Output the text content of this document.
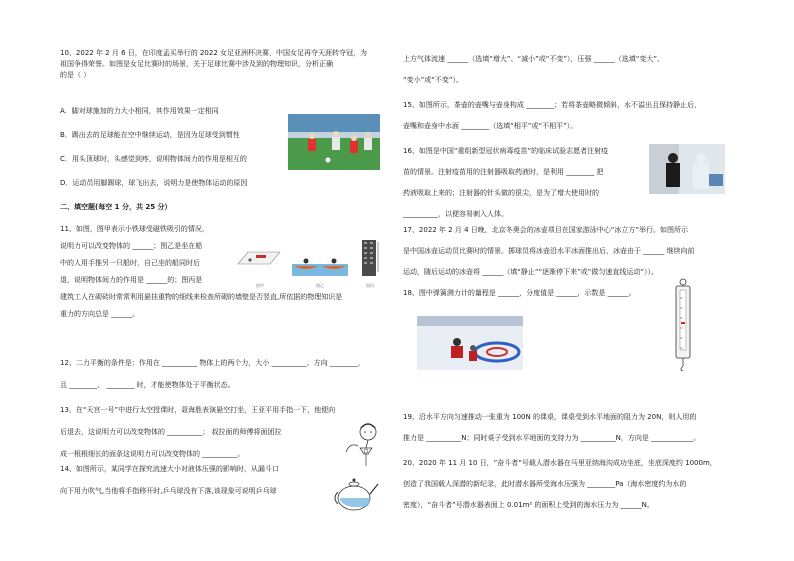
10、2022 年 2 月 6 日，在印度孟买举行的 2022 女足亚洲杯决赛，中国女足再夺天涯转夺冠，为

祖国争得荣誉。如图是女足比赛时的场景，关于足球比赛中涉及到的物理知识，分析正确

的是（ ）

A．脚对球施加的力大小相同，其作用效果一定相同

B．踢出去的足球能在空中继续运动，是因为足球受到惯性

C．用头顶球时，头感觉到疼，说明物体间力的作用是相互的

D．运动员用脚踢球，球飞出去，说明力是使物体运动的原因

二、填空题(每空 1 分，共 25 分）

11、如图，图甲表示小铁球受磁铁吸引的情况，

说明力可以改变物体的 ______；图乙是坐在船

中的人用手推另一只船时，自己坐的船同时后

退，说明物体间力的作用是 ______的；图丙是

建筑工人在砌砖时常常利用悬挂重物的细线来检查所砌的墙壁是否竖直,所依据的物理知识是

重力的方向总是 ______。

图甲	图乙	图丙

12、二力平衡的条件是：作用在 __________ 物体上的两个力，大小 __________、方向 ________，

且 ________、 ________ 时，才能使物体处于平衡状态。

13、在“天宫一号”中进行太空授课时，聂海胜表演悬空打坐，王亚平用手指一下，他便向

后退去，这说明力可以改变物体的 __________； 叔拉面的师傅将面团拉

成一根根细长的面条这说明力可以改变物体的 __________。

14、如图所示，某同学在探究流速大小对液体压强的影响时，从漏斗口

向下用力吹气,当他将手指移开时,乒乓球没有下落,该现象可说明乒乓球

上方气体流速 ______（选填“增大”、“减小”或“不变”），压强 ______（选填“变大”、

“变小”或“不变”）。

15、如图所示，茶壶的壶嘴与壶身构成 ________；若将茶壶略微倾斜，水不溢出且保持静止后，

壶嘴和壶身中水面 ________（选填“相平”或“不相平”）。

16、如图是中国“重组新型冠状病毒疫苗”的临床试验志愿者注射疫

苗的情景。注射疫苗用的注射器吸取药液时，是利用 ________ 把

药液吸取上来的；注射器的针头做的很尖，是为了增大使用时的

__________，以便容易刺入人体。

17、2022 年 2 月 4 日晚，北京冬奥会的冰壶项目在国家游泳中心“冰立方”举行。如图所示

是中国冰壶运动员比赛时的情景。掷球员将冰壶沿水平冰面推出后，冰壶由于 ______ 继续向前

运动，随后运动的冰壶将 ______（填“静止”“逐渐停下来”或“做匀速直线运动”））。

18、图中弹簧测力计的量程是 ______，分度值是 ______，示数是 ______。

19、沿水平方向匀速推动一张重为 100N 的课桌，课桌受到水平地面的阻力为 20N，则人用的

推力是 __________N；同时桌子受到水平地面的支持力为 __________N，方向是 ____________。

20、2020 年 11 月 10 日，“奋斗者”号载人潜水器在马里亚纳海沟成功坐底，坐底深度约 1000m，

创造了我国载人深潜的新纪录，此时潜水器所受海水压强为 ________Pa（海水密度约为水的

密度），“奋斗者”号潜水器表面上 0.01m² 的面积上受到的海水压力为 ______N。
